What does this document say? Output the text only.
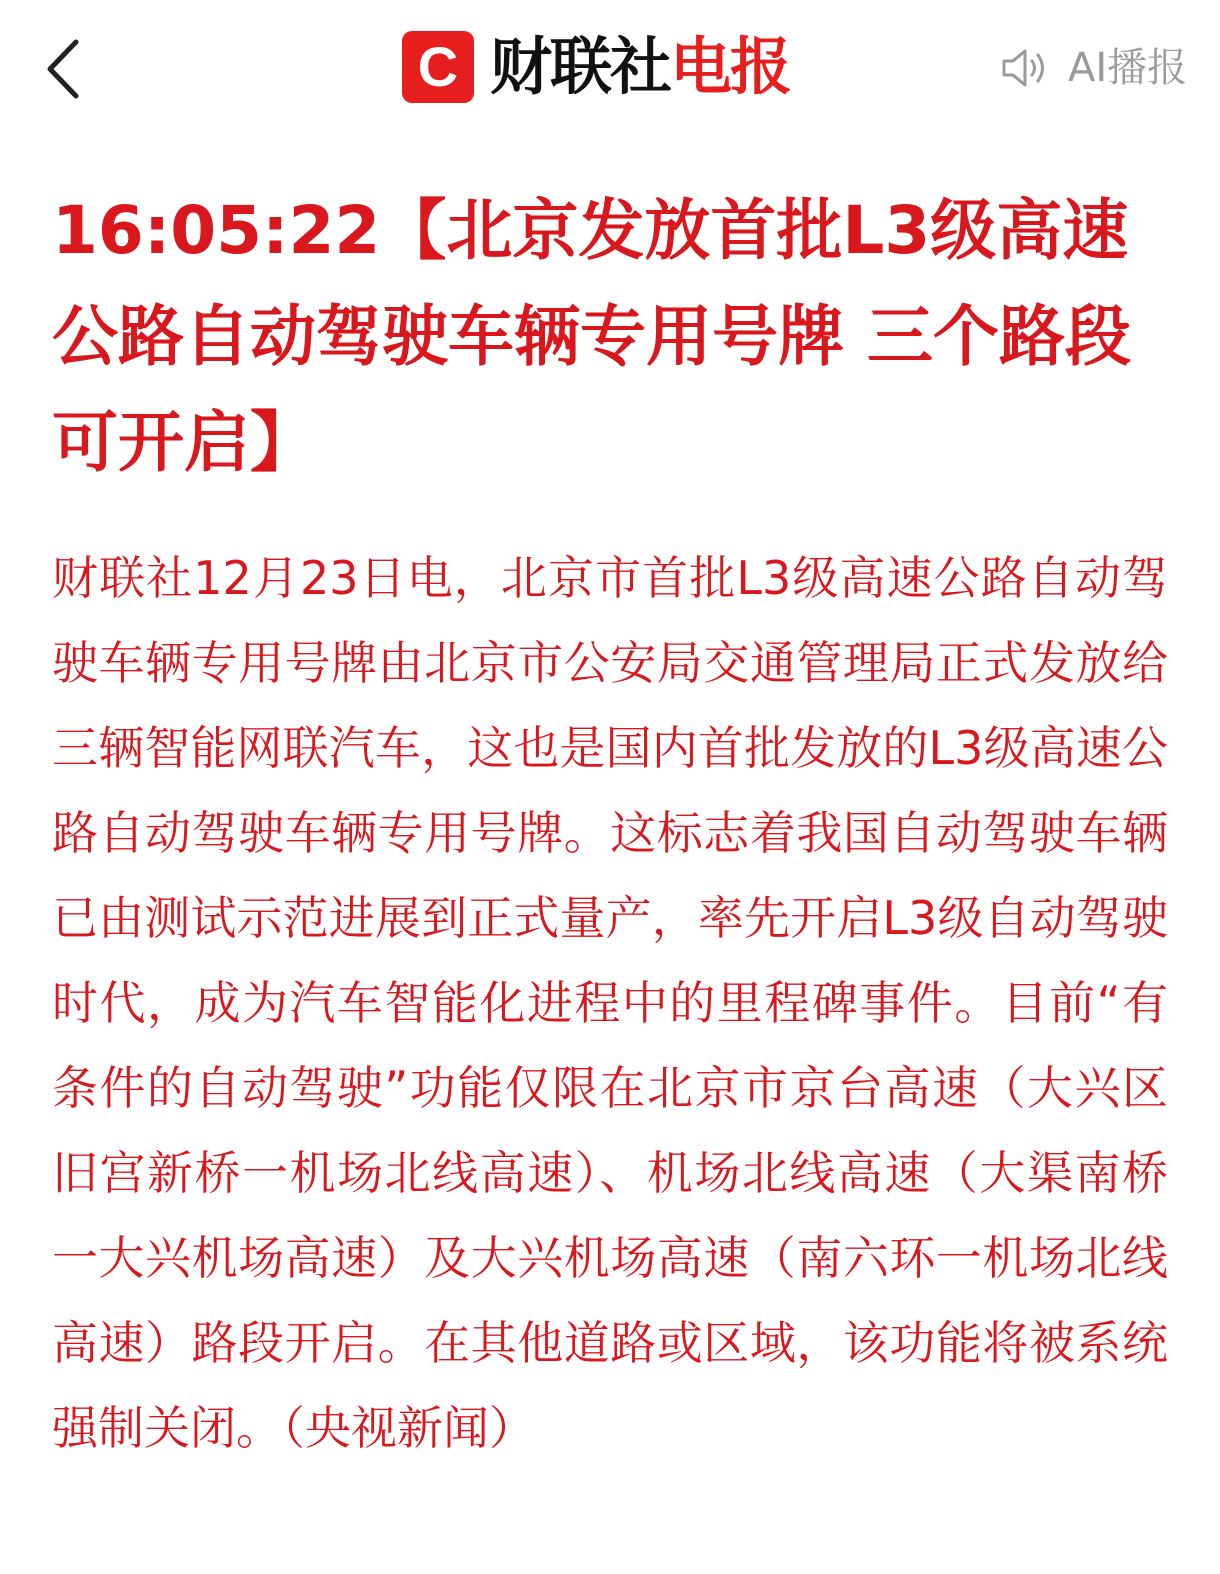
C 财联社 电报	AI播报
16:05:22【北京发放首批L3级高速公路自动驾驶车辆专用号牌 三个路段可开启】

财联社12月23日电，北京市首批L3级高速公路自动驾驶车辆专用号牌由北京市公安局交通管理局正式发放给三辆智能网联汽车，这也是国内首批发放的L3级高速公路自动驾驶车辆专用号牌。这标志着我国自动驾驶车辆已由测试示范进展到正式量产，率先开启L3级自动驾驶时代，成为汽车智能化进程中的里程碑事件。目前“有条件的自动驾驶”功能仅限在北京市京台高速（大兴区旧宫新桥一机场北线高速）、机场北线高速（大渠南桥一大兴机场高速）及大兴机场高速（南六环一机场北线高速）路段开启。在其他道路或区域，该功能将被系统强制关闭。（央视新闻）
